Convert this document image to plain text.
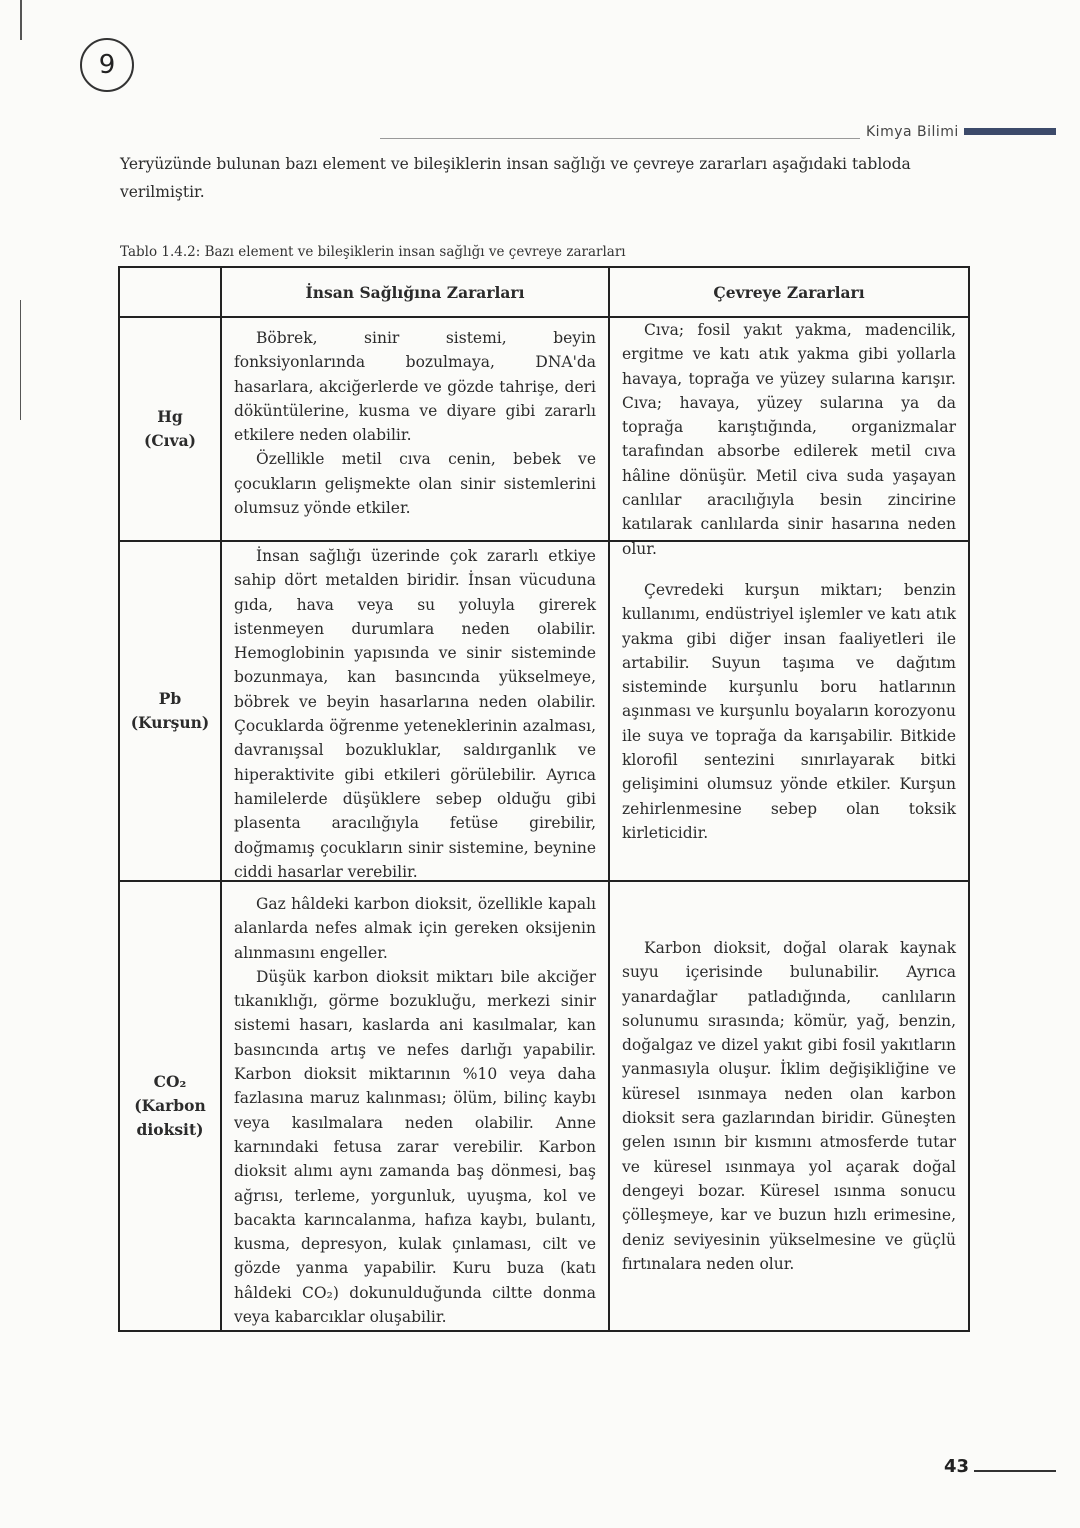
9
Kimya Bilimi
Yeryüzünde bulunan bazı element ve bileşiklerin insan sağlığı ve çevreye zararları aşağıdaki tabloda verilmiştir.
Tablo 1.4.2: Bazı element ve bileşiklerin insan sağlığı ve çevreye zararları
İnsan Sağlığına Zararları	Çevreye Zararları
Hg
(Cıva)

Böbrek, sinir sistemi, beyin fonksiyonlarında bozulmaya, DNA'da hasarlara, akciğerlerde ve gözde tahrişe, deri döküntülerine, kusma ve diyare gibi zararlı etkilere neden olabilir.

Özellikle metil cıva cenin, bebek ve çocukların gelişmekte olan sinir sistemlerini olumsuz yönde etkiler.

Cıva; fosil yakıt yakma, madencilik, ergitme ve katı atık yakma gibi yollarla havaya, toprağa ve yüzey sularına karışır. Cıva; havaya, yüzey sularına ya da toprağa karıştığında, organizmalar tarafından absorbe edilerek metil cıva hâline dönüşür. Metil civa suda yaşayan canlılar aracılığıyla besin zincirine katılarak canlılarda sinir hasarına neden olur.

Pb
(Kurşun)

İnsan sağlığı üzerinde çok zararlı etkiye sahip dört metalden biridir. İnsan vücuduna gıda, hava veya su yoluyla girerek istenmeyen durumlara neden olabilir. Hemoglobinin yapısında ve sinir sisteminde bozunmaya, kan basıncında yükselmeye, böbrek ve beyin hasarlarına neden olabilir. Çocuklarda öğrenme yeteneklerinin azalması, davranışsal bozukluklar, saldırganlık ve hiperaktivite gibi etkileri görülebilir. Ayrıca hamilelerde düşüklere sebep olduğu gibi plasenta aracılığıyla fetüse girebilir, doğmamış çocukların sinir sistemine, beynine ciddi hasarlar verebilir.

Çevredeki kurşun miktarı; benzin kullanımı, endüstriyel işlemler ve katı atık yakma gibi diğer insan faaliyetleri ile artabilir. Suyun taşıma ve dağıtım sisteminde kurşunlu boru hatlarının aşınması ve kurşunlu boyaların korozyonu ile suya ve toprağa da karışabilir. Bitkide klorofil sentezini sınırlayarak bitki gelişimini olumsuz yönde etkiler. Kurşun zehirlenmesine sebep olan toksik kirleticidir.

CO₂
(Karbon
dioksit)

Gaz hâldeki karbon dioksit, özellikle kapalı alanlarda nefes almak için gereken oksijenin alınmasını engeller.

Düşük karbon dioksit miktarı bile akciğer tıkanıklığı, görme bozukluğu, merkezi sinir sistemi hasarı, kaslarda ani kasılmalar, kan basıncında artış ve nefes darlığı yapabilir. Karbon dioksit miktarının %10 veya daha fazlasına maruz kalınması; ölüm, bilinç kaybı veya kasılmalara neden olabilir. Anne karnındaki fetusa zarar verebilir. Karbon dioksit alımı aynı zamanda baş dönmesi, baş ağrısı, terleme, yorgunluk, uyuşma, kol ve bacakta karıncalanma, hafıza kaybı, bulantı, kusma, depresyon, kulak çınlaması, cilt ve gözde yanma yapabilir. Kuru buza (katı hâldeki CO₂) dokunulduğunda ciltte donma veya kabarcıklar oluşabilir.

Karbon dioksit, doğal olarak kaynak suyu içerisinde bulunabilir. Ayrıca yanardağlar patladığında, canlıların solunumu sırasında; kömür, yağ, benzin, doğalgaz ve dizel yakıt gibi fosil yakıtların yanmasıyla oluşur. İklim değişikliğine ve küresel ısınmaya neden olan karbon dioksit sera gazlarından biridir. Güneşten gelen ısının bir kısmını atmosferde tutar ve küresel ısınmaya yol açarak doğal dengeyi bozar. Küresel ısınma sonucu çölleşmeye, kar ve buzun hızlı erimesine, deniz seviyesinin yükselmesine ve güçlü fırtınalara neden olur.

43
